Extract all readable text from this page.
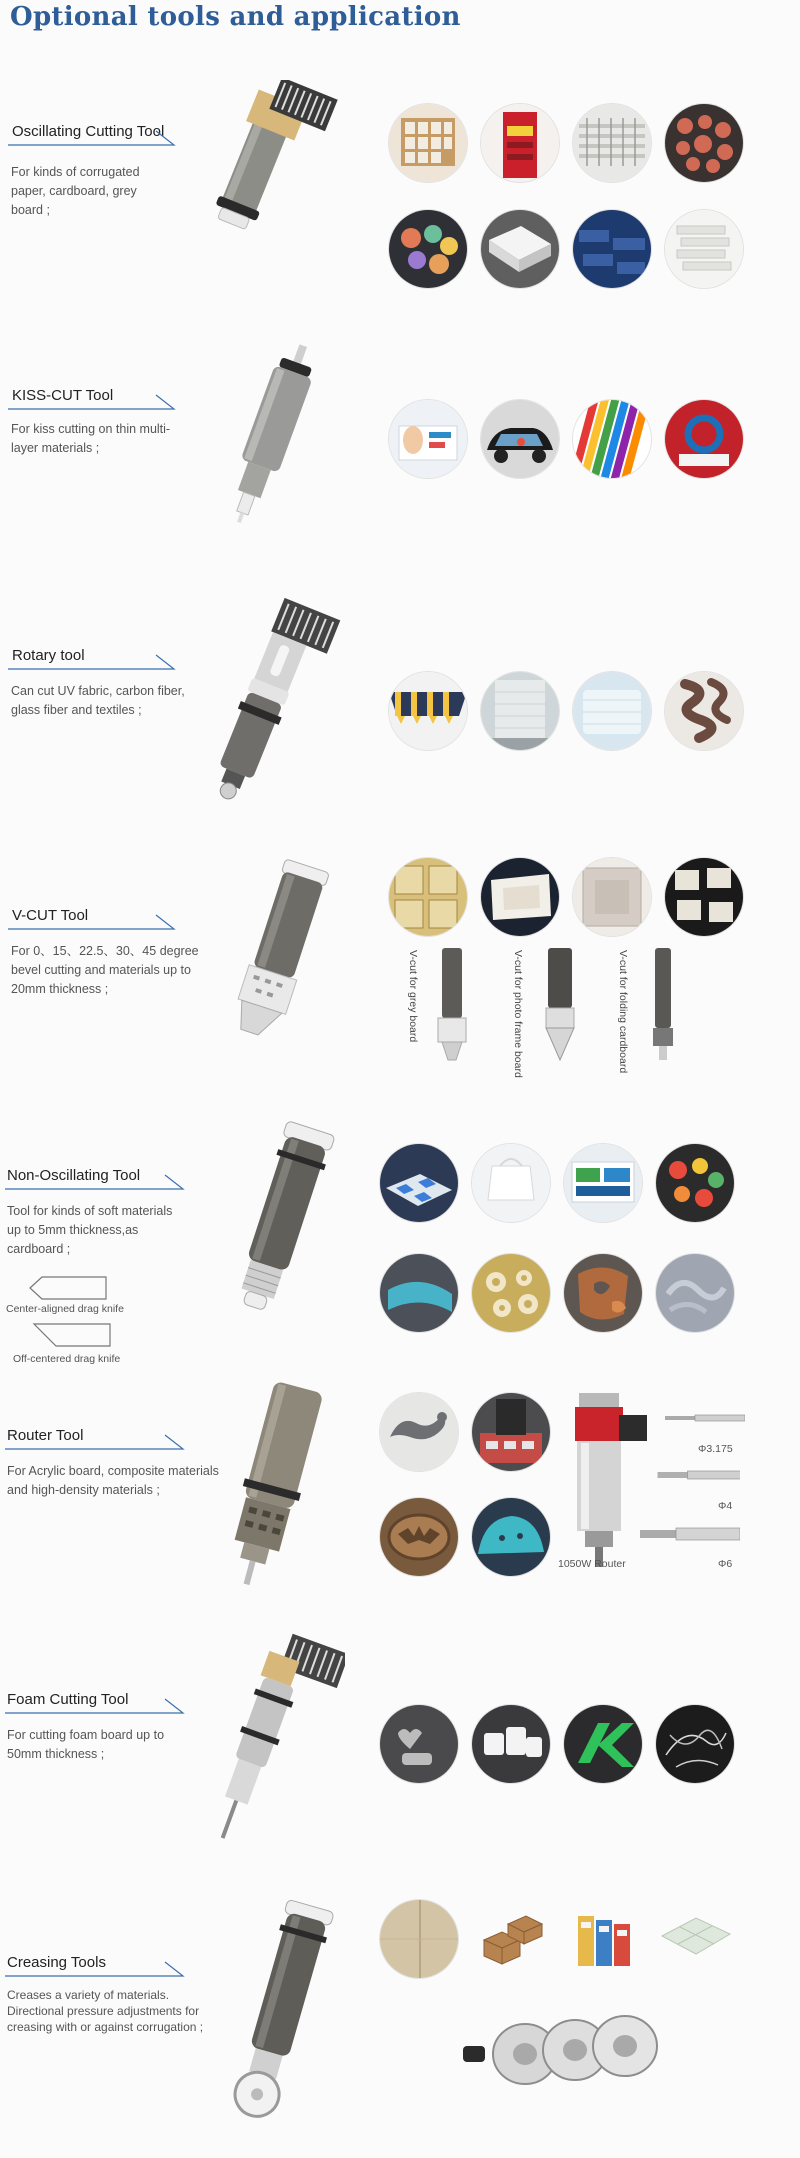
Optional tools and application
Oscillating Cutting Tool
For kinds of corrugated paper, cardboard, grey board ;
KISS-CUT Tool
For kiss cutting on thin multi-layer materials ;
Rotary tool
Can cut UV fabric, carbon fiber, glass fiber and textiles ;
V-CUT Tool
For 0、15、22.5、30、45 degree bevel cutting and materials up to 20mm thickness ;	V-cut for grey board	V-cut for photo frame board	V-cut for folding cardboard
Non-Oscillating Tool
Tool for kinds of soft materials up to 5mm thickness,as cardboard ;
Center-aligned drag knife
Off-centered drag knife
Router Tool
For Acrylic board, composite materials and high-density materials ;
1050W Router
Φ3.175
Φ4
Φ6
Foam Cutting Tool
For cutting foam board up to 50mm thickness ;
Creasing Tools
Creases a variety of materials. Directional pressure adjustments for creasing with or against corrugation ;
